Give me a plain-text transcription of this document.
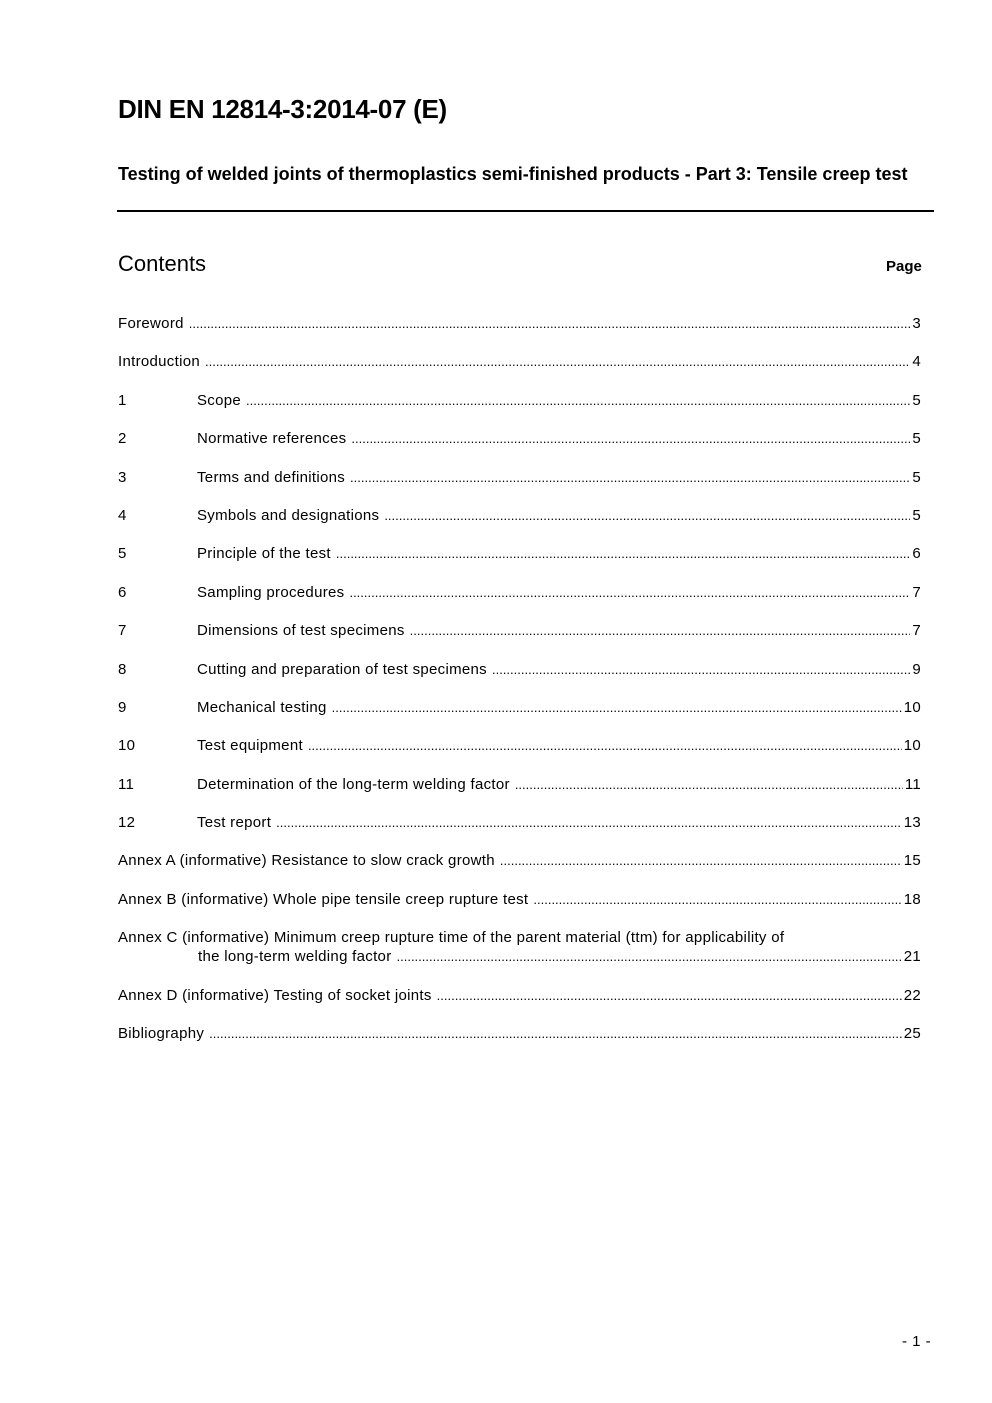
DIN EN 12814-3:2014-07 (E)
Testing of welded joints of thermoplastics semi-finished products - Part 3: Tensile creep test
Contents	Page
Foreword .....	3
Introduction .....	4
1	Scope .....	5
2	Normative references .....	5
3	Terms and definitions .....	5
4	Symbols and designations .....	5
5	Principle of the test .....	6
6	Sampling procedures .....	7
7	Dimensions of test specimens .....	7
8	Cutting and preparation of test specimens .....	9
9	Mechanical testing .....	10
10	Test equipment .....	10
11	Determination of the long-term welding factor .....	11
12	Test report .....	13
Annex A (informative) Resistance to slow crack growth .....	15
Annex B (informative) Whole pipe tensile creep rupture test .....	18
Annex C (informative) Minimum creep rupture time of the parent material (ttm) for applicability of
the long-term welding factor .....	21
Annex D (informative) Testing of socket joints .....	22
Bibliography .....	25
- 1 -
